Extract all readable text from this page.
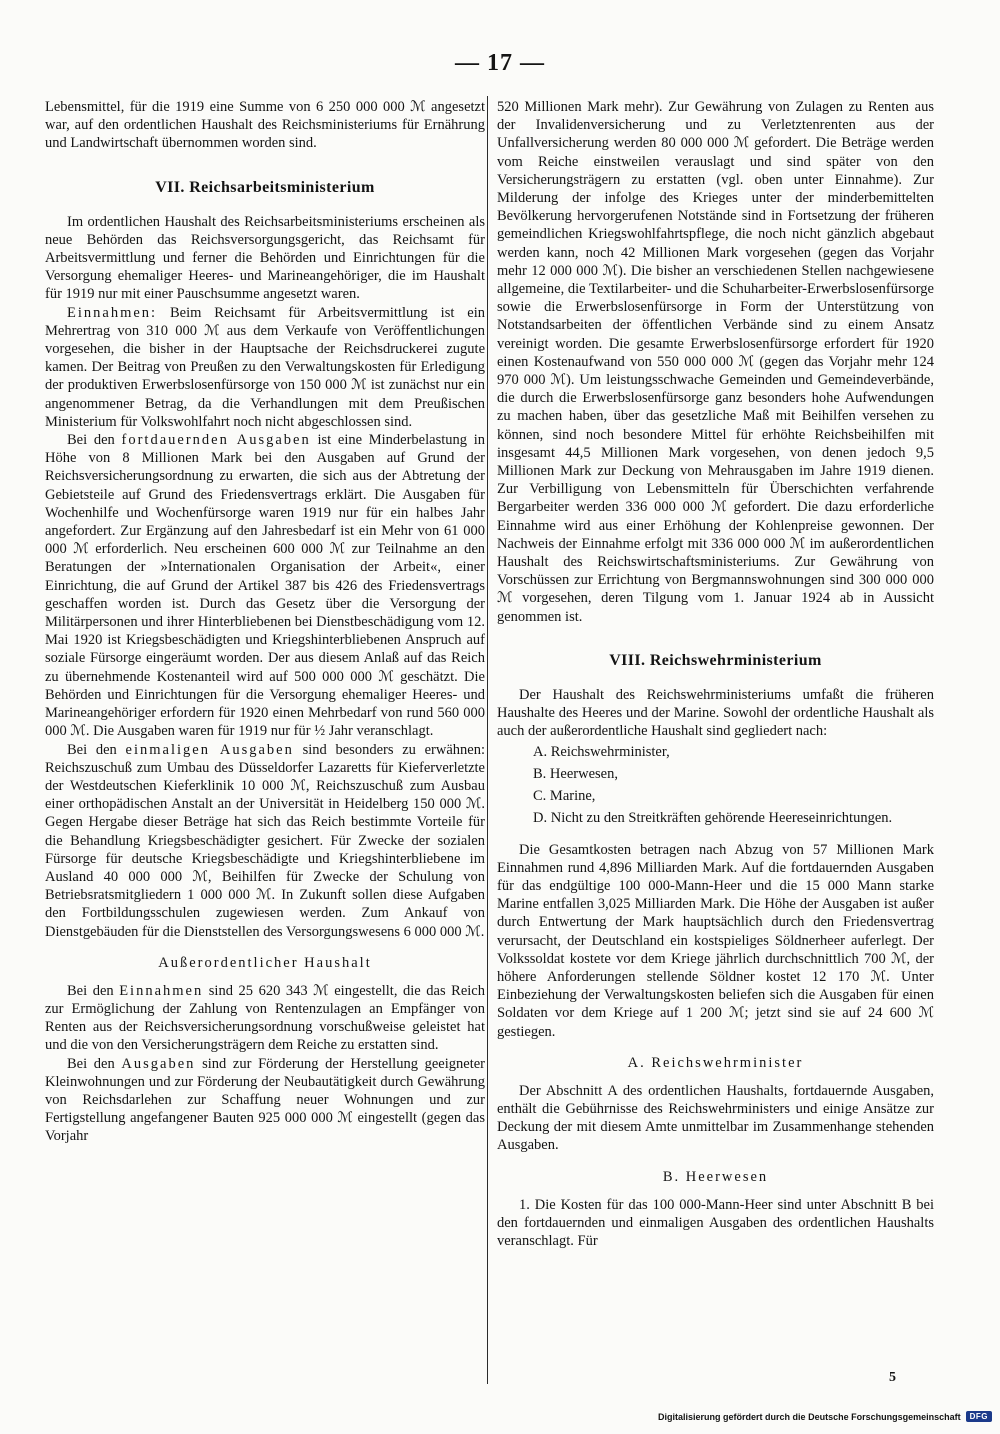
— 17 —

Lebensmittel, für die 1919 eine Summe von 6 250 000 000 ℳ angesetzt war, auf den ordentlichen Haushalt des Reichsministeriums für Ernährung und Landwirtschaft übernommen worden sind.

VII. Reichsarbeitsministerium

Im ordentlichen Haushalt des Reichsarbeitsministeriums erscheinen als neue Behörden das Reichsversorgungsgericht, das Reichsamt für Arbeitsvermittlung und ferner die Behörden und Einrichtungen für die Versorgung ehemaliger Heeres- und Marineangehöriger, die im Haushalt für 1919 nur mit einer Pauschsumme angesetzt waren.

Einnahmen: Beim Reichsamt für Arbeitsvermittlung ist ein Mehrertrag von 310 000 ℳ aus dem Verkaufe von Veröffentlichungen vorgesehen, die bisher in der Hauptsache der Reichsdruckerei zugute kamen. Der Beitrag von Preußen zu den Verwaltungskosten für Erledigung der produktiven Erwerbslosenfürsorge von 150 000 ℳ ist zunächst nur ein angenommener Betrag, da die Verhandlungen mit dem Preußischen Ministerium für Volkswohlfahrt noch nicht abgeschlossen sind.

Bei den fortdauernden Ausgaben ist eine Minderbelastung in Höhe von 8 Millionen Mark bei den Ausgaben auf Grund der Reichsversicherungsordnung zu erwarten, die sich aus der Abtretung der Gebietsteile auf Grund des Friedensvertrags erklärt. Die Ausgaben für Wochenhilfe und Wochenfürsorge waren 1919 nur für ein halbes Jahr angefordert. Zur Ergänzung auf den Jahresbedarf ist ein Mehr von 61 000 000 ℳ erforderlich. Neu erscheinen 600 000 ℳ zur Teilnahme an den Beratungen der »Internationalen Organisation der Arbeit«, einer Einrichtung, die auf Grund der Artikel 387 bis 426 des Friedensvertrags geschaffen worden ist. Durch das Gesetz über die Versorgung der Militärpersonen und ihrer Hinterbliebenen bei Dienstbeschädigung vom 12. Mai 1920 ist Kriegsbeschädigten und Kriegshinterbliebenen Anspruch auf soziale Fürsorge eingeräumt worden. Der aus diesem Anlaß auf das Reich zu übernehmende Kostenanteil wird auf 500 000 000 ℳ geschätzt. Die Behörden und Einrichtungen für die Versorgung ehemaliger Heeres- und Marineangehöriger erfordern für 1920 einen Mehrbedarf von rund 560 000 000 ℳ. Die Ausgaben waren für 1919 nur für ½ Jahr veranschlagt.

Bei den einmaligen Ausgaben sind besonders zu erwähnen: Reichszuschuß zum Umbau des Düsseldorfer Lazaretts für Kieferverletzte der Westdeutschen Kieferklinik 10 000 ℳ, Reichszuschuß zum Ausbau einer orthopädischen Anstalt an der Universität in Heidelberg 150 000 ℳ. Gegen Hergabe dieser Beträge hat sich das Reich bestimmte Vorteile für die Behandlung Kriegsbeschädigter gesichert. Für Zwecke der sozialen Fürsorge für deutsche Kriegsbeschädigte und Kriegshinterbliebene im Ausland 40 000 000 ℳ, Beihilfen für Zwecke der Schulung von Betriebsratsmitgliedern 1 000 000 ℳ. In Zukunft sollen diese Aufgaben den Fortbildungsschulen zugewiesen werden. Zum Ankauf von Dienstgebäuden für die Dienststellen des Versorgungswesens 6 000 000 ℳ.

Außerordentlicher Haushalt

Bei den Einnahmen sind 25 620 343 ℳ eingestellt, die das Reich zur Ermöglichung der Zahlung von Rentenzulagen an Empfänger von Renten aus der Reichsversicherungsordnung vorschußweise geleistet hat und die von den Versicherungsträgern dem Reiche zu erstatten sind.

Bei den Ausgaben sind zur Förderung der Herstellung geeigneter Kleinwohnungen und zur Förderung der Neubautätigkeit durch Gewährung von Reichsdarlehen zur Schaffung neuer Wohnungen und zur Fertigstellung angefangener Bauten 925 000 000 ℳ eingestellt (gegen das Vorjahr

520 Millionen Mark mehr). Zur Gewährung von Zulagen zu Renten aus der Invalidenversicherung und zu Verletztenrenten aus der Unfallversicherung werden 80 000 000 ℳ gefordert. Die Beträge werden vom Reiche einstweilen verauslagt und sind später von den Versicherungsträgern zu erstatten (vgl. oben unter Einnahme). Zur Milderung der infolge des Krieges unter der minderbemittelten Bevölkerung hervorgerufenen Notstände sind in Fortsetzung der früheren gemeindlichen Kriegswohlfahrtspflege, die noch nicht gänzlich abgebaut werden kann, noch 42 Millionen Mark vorgesehen (gegen das Vorjahr mehr 12 000 000 ℳ). Die bisher an verschiedenen Stellen nachgewiesene allgemeine, die Textilarbeiter- und die Schuharbeiter-Erwerbslosenfürsorge sowie die Erwerbslosenfürsorge in Form der Unterstützung von Notstandsarbeiten der öffentlichen Verbände sind zu einem Ansatz vereinigt worden. Die gesamte Erwerbslosenfürsorge erfordert für 1920 einen Kostenaufwand von 550 000 000 ℳ (gegen das Vorjahr mehr 124 970 000 ℳ). Um leistungsschwache Gemeinden und Gemeindeverbände, die durch die Erwerbslosenfürsorge ganz besonders hohe Aufwendungen zu machen haben, über das gesetzliche Maß mit Beihilfen versehen zu können, sind noch besondere Mittel für erhöhte Reichsbeihilfen mit insgesamt 44,5 Millionen Mark vorgesehen, von denen jedoch 9,5 Millionen Mark zur Deckung von Mehrausgaben im Jahre 1919 dienen. Zur Verbilligung von Lebensmitteln für Überschichten verfahrende Bergarbeiter werden 336 000 000 ℳ gefordert. Die dazu erforderliche Einnahme wird aus einer Erhöhung der Kohlenpreise gewonnen. Der Nachweis der Einnahme erfolgt mit 336 000 000 ℳ im außerordentlichen Haushalt des Reichswirtschaftsministeriums. Zur Gewährung von Vorschüssen zur Errichtung von Bergmannswohnungen sind 300 000 000 ℳ vorgesehen, deren Tilgung vom 1. Januar 1924 ab in Aussicht genommen ist.

VIII. Reichswehrministerium

Der Haushalt des Reichswehrministeriums umfaßt die früheren Haushalte des Heeres und der Marine. Sowohl der ordentliche Haushalt als auch der außerordentliche Haushalt sind gegliedert nach:

A. Reichswehrminister,
B. Heerwesen,
C. Marine,
D. Nicht zu den Streitkräften gehörende Heereseinrichtungen.

Die Gesamtkosten betragen nach Abzug von 57 Millionen Mark Einnahmen rund 4,896 Milliarden Mark. Auf die fortdauernden Ausgaben für das endgültige 100 000-Mann-Heer und die 15 000 Mann starke Marine entfallen 3,025 Milliarden Mark. Die Höhe der Ausgaben ist außer durch Entwertung der Mark hauptsächlich durch den Friedensvertrag verursacht, der Deutschland ein kostspieliges Söldnerheer auferlegt. Der Volkssoldat kostete vor dem Kriege jährlich durchschnittlich 700 ℳ, der höhere Anforderungen stellende Söldner kostet 12 170 ℳ. Unter Einbeziehung der Verwaltungskosten beliefen sich die Ausgaben für einen Soldaten vor dem Kriege auf 1 200 ℳ; jetzt sind sie auf 24 600 ℳ gestiegen.

A. Reichswehrminister

Der Abschnitt A des ordentlichen Haushalts, fortdauernde Ausgaben, enthält die Gebührnisse des Reichswehrministers und einige Ansätze zur Deckung der mit diesem Amte unmittelbar im Zusammenhange stehenden Ausgaben.

B. Heerwesen

1. Die Kosten für das 100 000-Mann-Heer sind unter Abschnitt B bei den fortdauernden und einmaligen Ausgaben des ordentlichen Haushalts veranschlagt. Für

5
Digitalisierung gefördert durch die Deutsche Forschungsgemeinschaft	DFG
